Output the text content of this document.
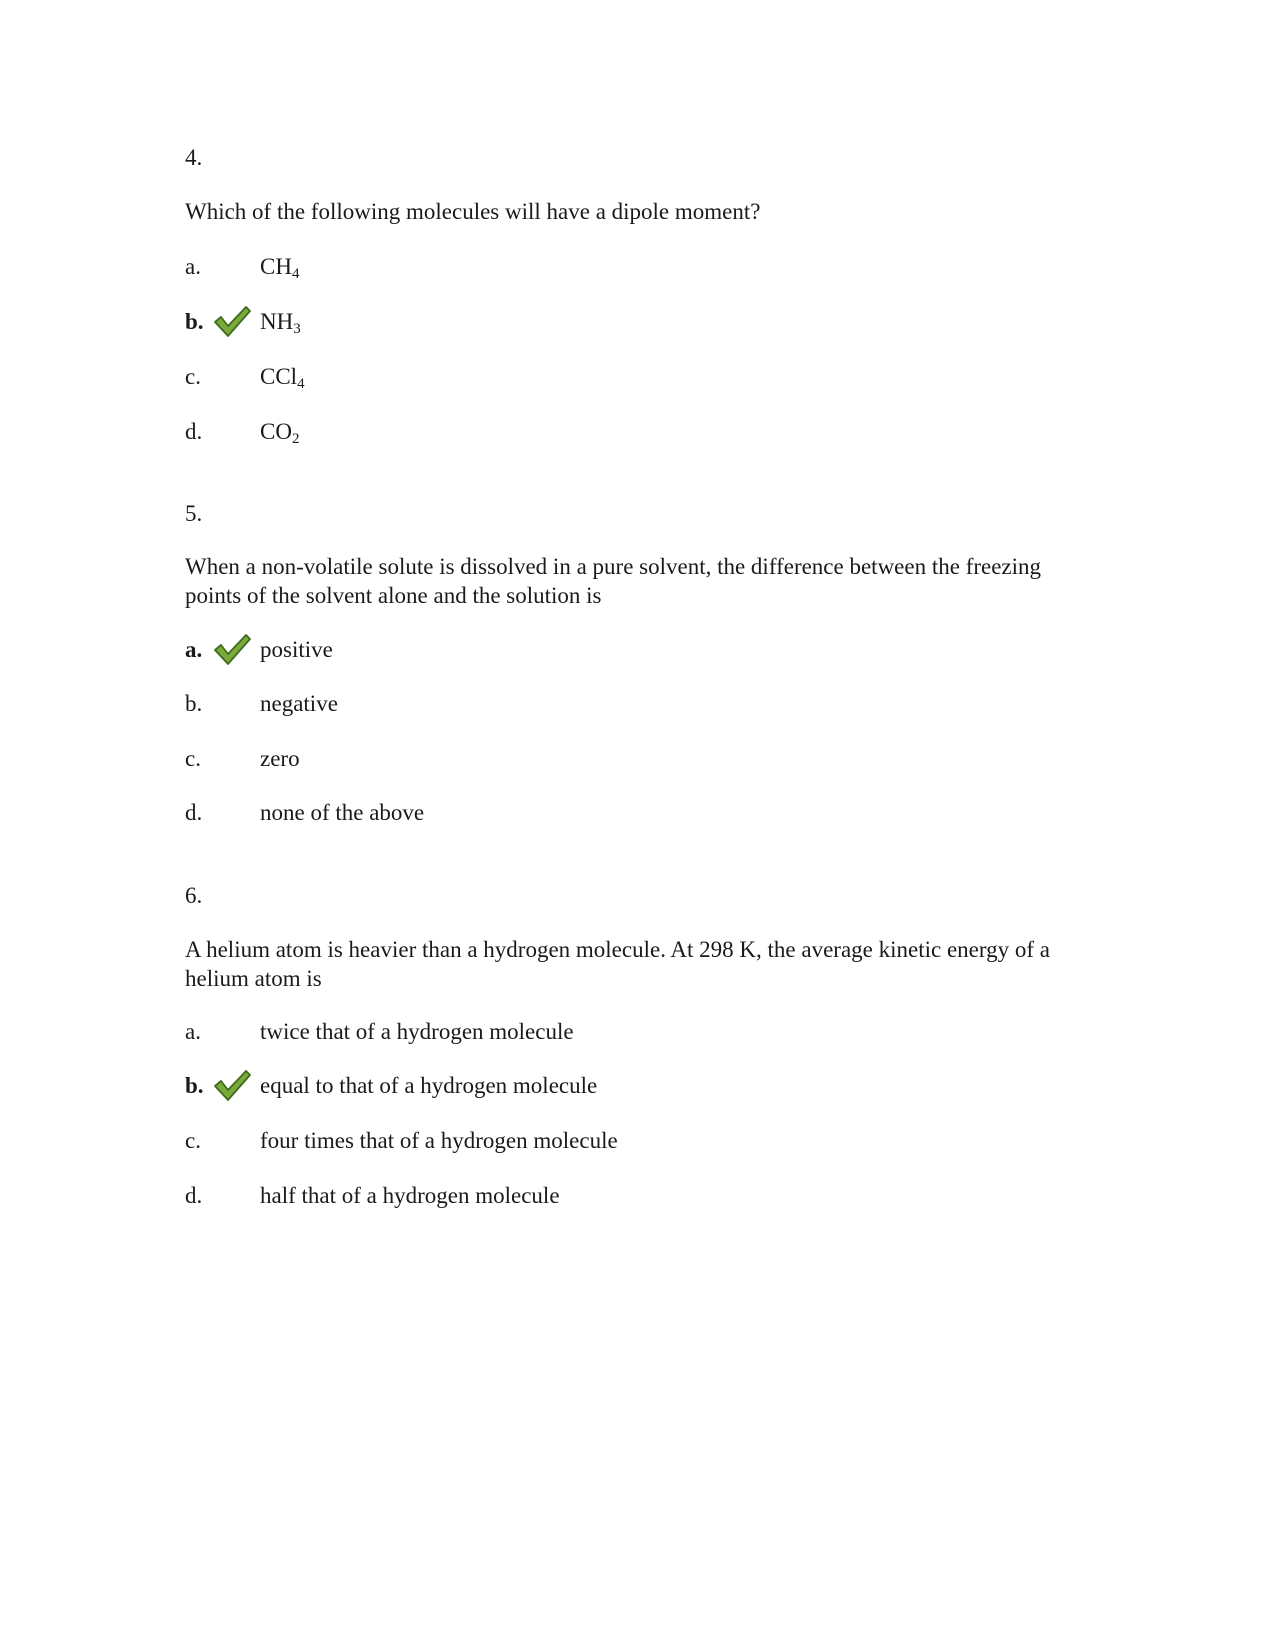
4.
Which of the following molecules will have a dipole moment?
a.	$CH_4$
b. $NH_3$
c.	CCl$_4$
d.	$CO_2$
5.
When a non-volatile solute is dissolved in a pure solvent, the difference between the freezing points of the solvent alone and the solution is
a.	positive
b.	negative
c.	zero
d.	none of the above
6.
A helium atom is heavier than a hydrogen molecule. At 298 K, the average kinetic energy of a helium atom is
a.	twice that of a hydrogen molecule
b. equal to that of a hydrogen molecule
c.	four times that of a hydrogen molecule
d.	half that of a hydrogen molecule
